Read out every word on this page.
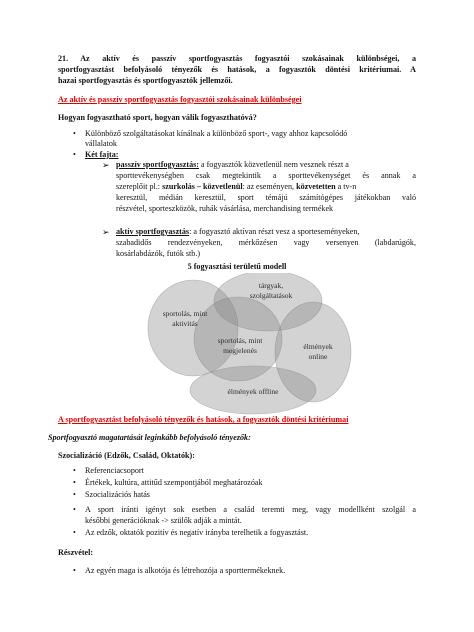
21. Az aktív és passzív sportfogyasztás fogyasztói szokásainak különbségei, a
sportfogyasztást befolyásoló tényezők és hatások, a fogyasztók döntési kritériumai. A
hazai sportfogyasztás és sportfogyasztók jellemzői.
Az aktív és passzív sportfogyasztás fogyasztói szokásainak különbségei
Hogyan fogyasztható sport, hogyan válik fogyaszthatóvá?
• Különböző szolgáltatásokat kínálnak a különböző sport-, vagy ahhoz kapcsolódó
vállalatok
• Két fajta:
➢ passzív sportfogyasztás: a fogyasztók közvetlenül nem vesznek részt a
sporttevékenységben csak megtekintik a sporttevékenységet és annak a
szereplőit pl.: szurkolás – közvetlenül: az eseményen, közvetetten a tv-n
keresztül, médián keresztül, sport témájú számítógépes játékokban való
részvétel, sporteszközök, ruhák vásárlása, merchandising termékek
➢ aktív sportfogyasztás: a fogyasztó aktívan részt vesz a sporteseményeken,
szabadidős rendezvényeken, mérkőzésen vagy versenyen (labdarúgók,
kosárlabdázók, futók stb.)
5 fogyasztási területű modell
tárgyak,
szolgáltatások
sportolás, mint
aktivitás
sportolás, mint
megjelenés	élmények
online
élmények offline
A sportfogyasztást befolyásoló tényezők és hatások, a fogyasztók döntési kritériumai
Sportfogyasztó magatartását leginkább befolyásoló tényezők:
Szocializáció (Edzők, Család, Oktatók):
• Referenciacsoport
• Értékek, kultúra, attitűd szempontjából meghatározóak
• Szocializációs hatás
• A sport iránti igényt sok esetben a család teremti meg, vagy modellként szolgál a
későbbi generációknak -> szülők adják a mintát.
• Az edzők, oktatók pozitív és negatív irányba terelhetik a fogyasztást.
Részvétel:
• Az egyén maga is alkotója és létrehozója a sporttermékeknek.
